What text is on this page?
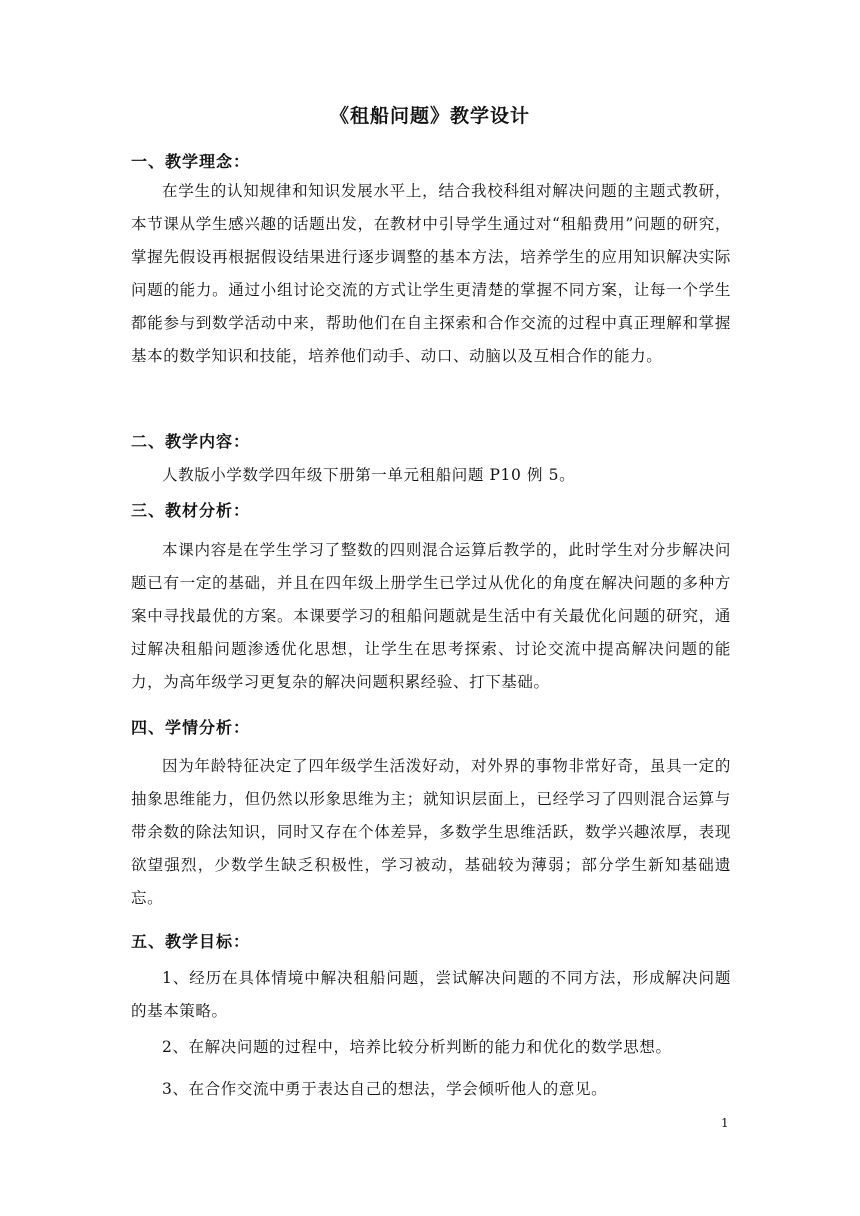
《租船问题》教学设计
一、教学理念：
在学生的认知规律和知识发展水平上，结合我校科组对解决问题的主题式教研，本节课从学生感兴趣的话题出发，在教材中引导学生通过对“租船费用”问题的研究，掌握先假设再根据假设结果进行逐步调整的基本方法，培养学生的应用知识解决实际问题的能力。通过小组讨论交流的方式让学生更清楚的掌握不同方案，让每一个学生都能参与到数学活动中来，帮助他们在自主探索和合作交流的过程中真正理解和掌握基本的数学知识和技能，培养他们动手、动口、动脑以及互相合作的能力。
二、教学内容：
人教版小学数学四年级下册第一单元租船问题 P10 例 5。
三、教材分析：
本课内容是在学生学习了整数的四则混合运算后教学的，此时学生对分步解决问题已有一定的基础，并且在四年级上册学生已学过从优化的角度在解决问题的多种方案中寻找最优的方案。本课要学习的租船问题就是生活中有关最优化问题的研究，通过解决租船问题渗透优化思想，让学生在思考探索、讨论交流中提高解决问题的能力，为高年级学习更复杂的解决问题积累经验、打下基础。
四、学情分析：
因为年龄特征决定了四年级学生活泼好动，对外界的事物非常好奇，虽具一定的抽象思维能力，但仍然以形象思维为主；就知识层面上，已经学习了四则混合运算与带余数的除法知识，同时又存在个体差异，多数学生思维活跃，数学兴趣浓厚，表现欲望强烈，少数学生缺乏积极性，学习被动，基础较为薄弱；部分学生新知基础遗忘。
五、教学目标：
1、经历在具体情境中解决租船问题，尝试解决问题的不同方法，形成解决问题的基本策略。
2、在解决问题的过程中，培养比较分析判断的能力和优化的数学思想。
3、在合作交流中勇于表达自己的想法，学会倾听他人的意见。
1
